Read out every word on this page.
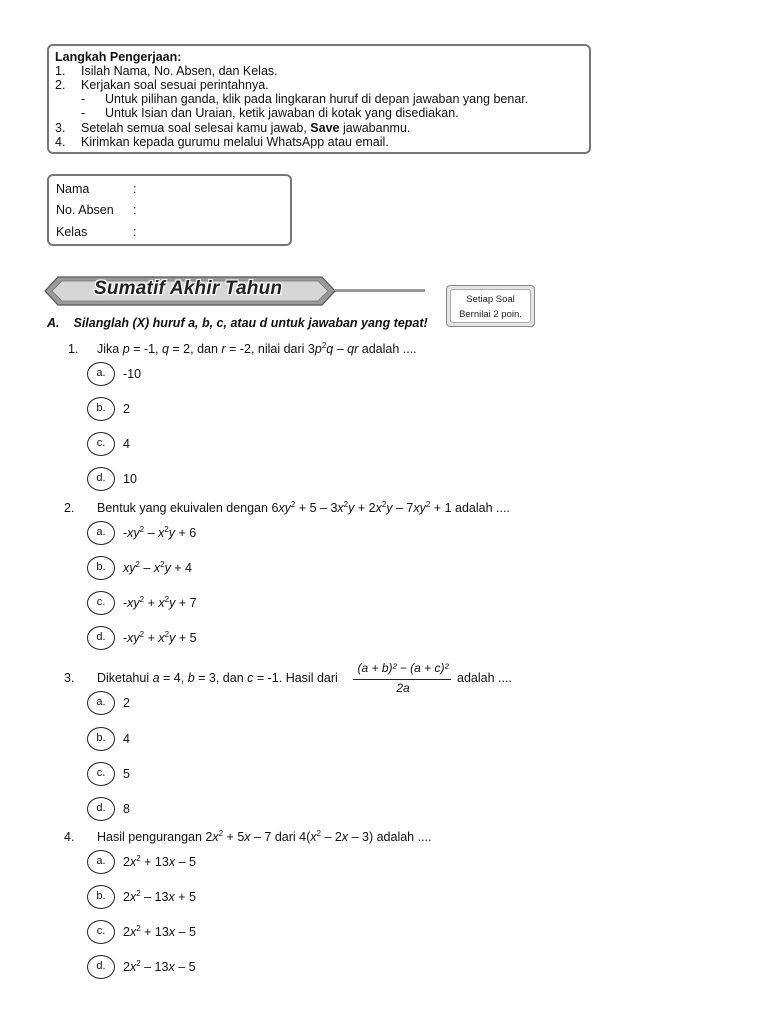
Langkah Pengerjaan:
1. Isilah Nama, No. Absen, dan Kelas.
2. Kerjakan soal sesuai perintahnya.
- Untuk pilihan ganda, klik pada lingkaran huruf di depan jawaban yang benar.
- Untuk Isian dan Uraian, ketik jawaban di kotak yang disediakan.
3. Setelah semua soal selesai kamu jawab, Save jawabanmu.
4. Kirimkan kepada gurumu melalui WhatsApp atau email.
Nama	:
No. Absen :
Kelas	:
Sumatif Akhir Tahun
Setiap Soal
Bernilai 2 poin.
A. Silanglah (X) huruf a, b, c, atau d untuk jawaban yang tepat!
1. Jika p = -1, q = 2, dan r = -2, nilai dari $3p^2q$ – qr adalah ....
a.	-10
b.	2
c.	4
d.	10
2. Bentuk yang ekuivalen dengan $6xy^2 + 5 - 3x^2y + 2x^2y - 7xy^2 + 1$ adalah ....
a.	$-xy^2 - x^2y + 6$
b.	$xy^2 - x^2y + 4$
c.	$-xy^2 + x^2y + 7$
d.	$-xy^2 + x^2y + 5$
3. Diketahui a = 4, b = 3, dan c = -1. Hasil dari
(a + b)² − (a + c)²
2a
adalah ....
a.	2
b.	4
c.	5
d.	8
4. Hasil pengurangan $2x^2 + 5x - 7$ dari $4(x^2 - 2x - 3)$ adalah ....
a.	$2x^2 + 13x - 5$
b.	$2x^2 - 13x + 5$
c.	$2x^2 + 13x - 5$
d.	$2x^2 - 13x - 5$
